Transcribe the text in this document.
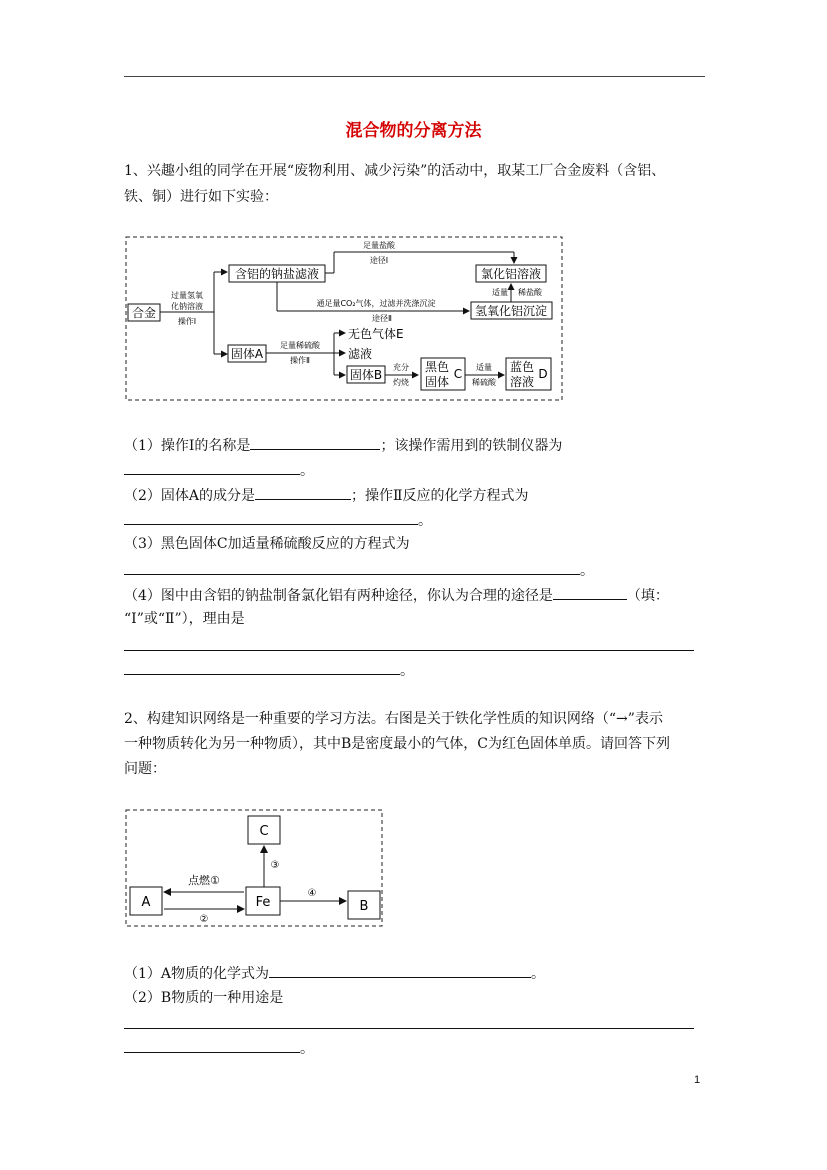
混合物的分离方法
1、兴趣小组的同学在开展“废物利用、减少污染”的活动中，取某工厂合金废料（含铝、
铁、铜）进行如下实验：
合金
过量氢氧
化钠溶液
操作Ⅰ
含铝的钠盐滤液
足量盐酸
途径Ⅰ
氯化铝溶液
通足量CO₂气体，过滤并洗涤沉淀
途径Ⅱ
氢氧化铝沉淀
适量 稀盐酸
固体A
足量稀硫酸
操作Ⅱ
无色气体E
滤液
固体B
充分
灼烧
黑色
固体
C 适量
稀硫酸
蓝色
溶液
D
（1）操作Ⅰ的名称是	；该操作需用到的铁制仪器为
。
（2）固体A的成分是	；操作Ⅱ反应的化学方程式为
。
（3）黑色固体C加适量稀硫酸反应的方程式为
。
（4）图中由含铝的钠盐制备氯化铝有两种途径，你认为合理的途径是	（填：
“Ⅰ”或“Ⅱ”），理由是
。
2、构建知识网络是一种重要的学习方法。右图是关于铁化学性质的知识网络（“→”表示
一种物质转化为另一种物质），其中B是密度最小的气体，C为红色固体单质。请回答下列
问题：
C
A	Fe	B
③
点燃①
②
④
（1）A物质的化学式为	。
（2）B物质的一种用途是
。
1
